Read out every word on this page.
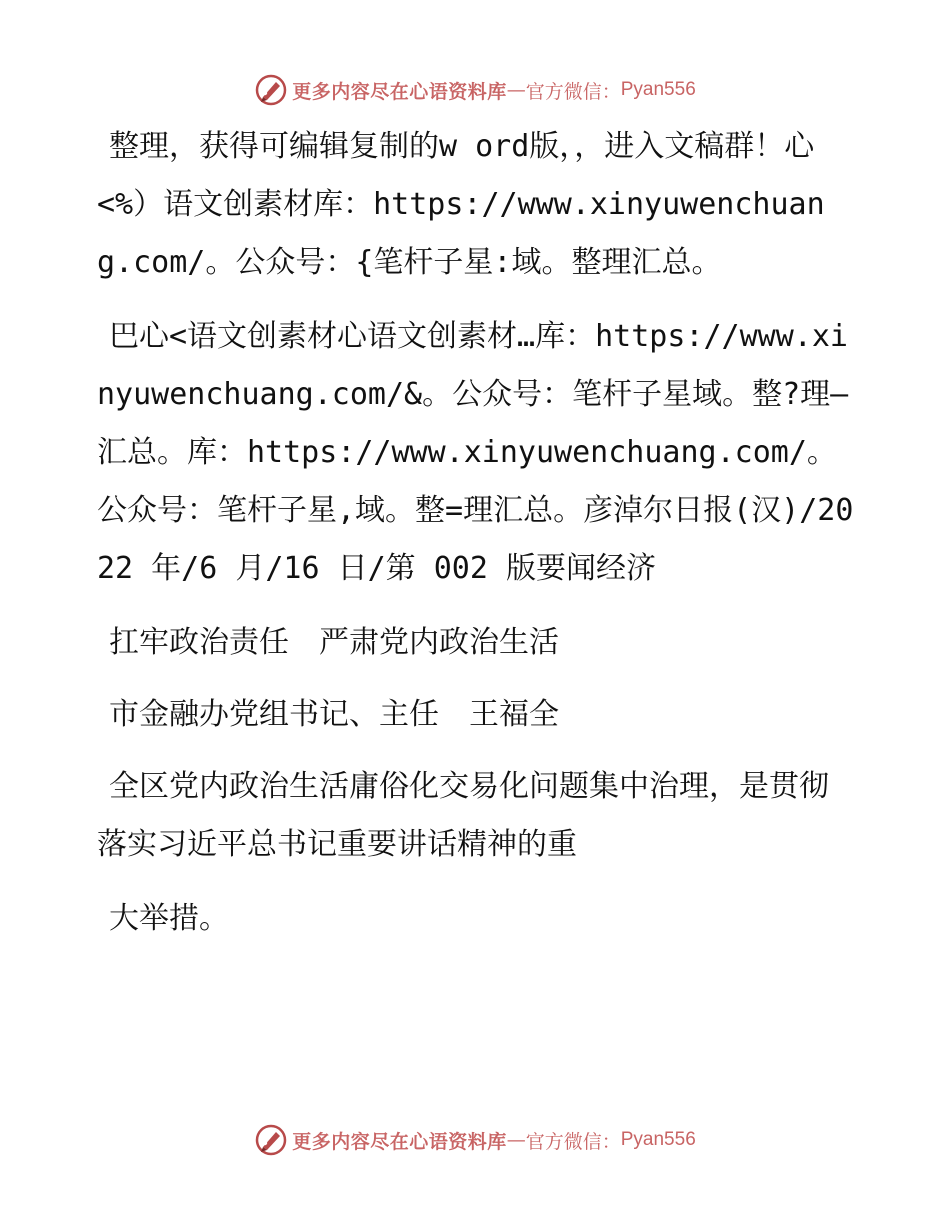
更多内容尽在心语资料库 — 官方微信： Pyan556

整理，获得可编辑复制的w ord版，，进入文稿群！心<%）语文创素材库：https://www.xinyuwenchuang.com/。公众号：{笔杆子星:域。整理汇总。

巴心<语文创素材心语文创素材…库：https://www.xinyuwenchuang.com/&。公众号：笔杆子星域。整?理—汇总。库：https://www.xinyuwenchuang.com/。公众号：笔杆子星,域。整=理汇总。彦淖尔日报(汉)/2022 年/6 月/16 日/第 002 版要闻经济

扛牢政治责任　严肃党内政治生活

市金融办党组书记、主任　王福全

全区党内政治生活庸俗化交易化问题集中治理，是贯彻落实习近平总书记重要讲话精神的重

大举措。

更多内容尽在心语资料库 — 官方微信： Pyan556
